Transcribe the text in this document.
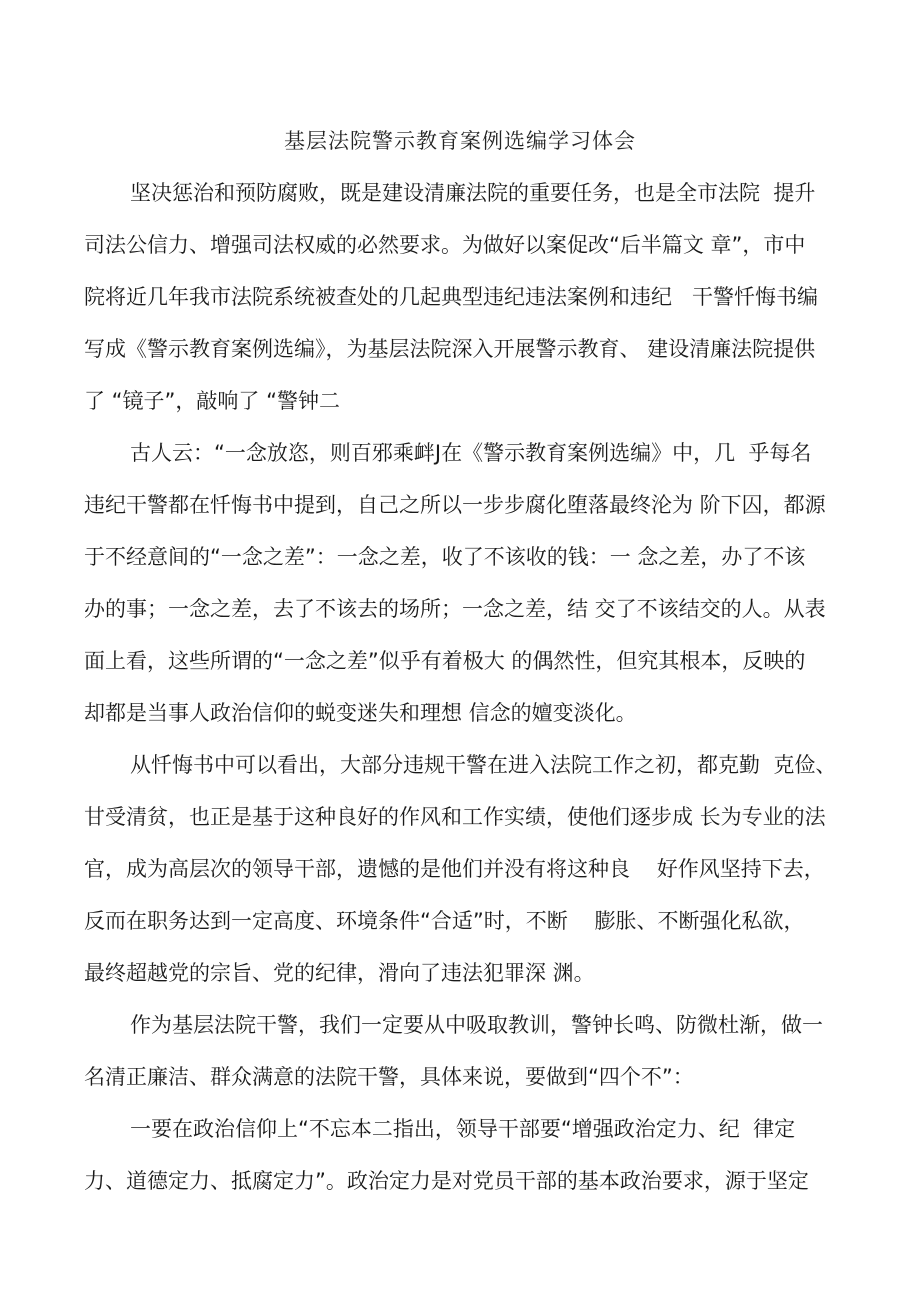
基层法院警示教育案例选编学习体会
坚决惩治和预防腐败，既是建设清廉法院的重要任务，也是全市法院  提升
司法公信力、增强司法权威的必然要求。为做好以案促改“后半篇文 章”，市中
院将近几年我市法院系统被查处的几起典型违纪违法案例和违纪   干警忏悔书编
写成《警示教育案例选编》，为基层法院深入开展警示教育、 建设清廉法院提供
了 “镜子”，敲响了 “警钟二
古人云：“一念放恣，则百邪乘衅J在《警示教育案例选编》中，几  乎每名
违纪干警都在忏悔书中提到，自己之所以一步步腐化堕落最终沦为 阶下囚，都源
于不经意间的“一念之差”：一念之差，收了不该收的钱：一 念之差，办了不该
办的事；一念之差，去了不该去的场所；一念之差，结 交了不该结交的人。从表
面上看，这些所谓的“一念之差”似乎有着极大 的偶然性，但究其根本，反映的
却都是当事人政治信仰的蜕变迷失和理想 信念的嬗变淡化。
从忏悔书中可以看出，大部分违规干警在进入法院工作之初，都克勤  克俭、
甘受清贫，也正是基于这种良好的作风和工作实绩，使他们逐步成 长为专业的法
官，成为高层次的领导干部，遗憾的是他们并没有将这种良    好作风坚持下去，
反而在职务达到一定高度、环境条件“合适”时，不断    膨胀、不断强化私欲，
最终超越党的宗旨、党的纪律，滑向了违法犯罪深 渊。
作为基层法院干警，我们一定要从中吸取教训，警钟长鸣、防微杜渐，做一
名清正廉洁、群众满意的法院干警，具体来说，要做到“四个不”：
一要在政治信仰上“不忘本二指出，领导干部要“增强政治定力、纪  律定
力、道德定力、抵腐定力”。政治定力是对党员干部的基本政治要求，源于坚定
